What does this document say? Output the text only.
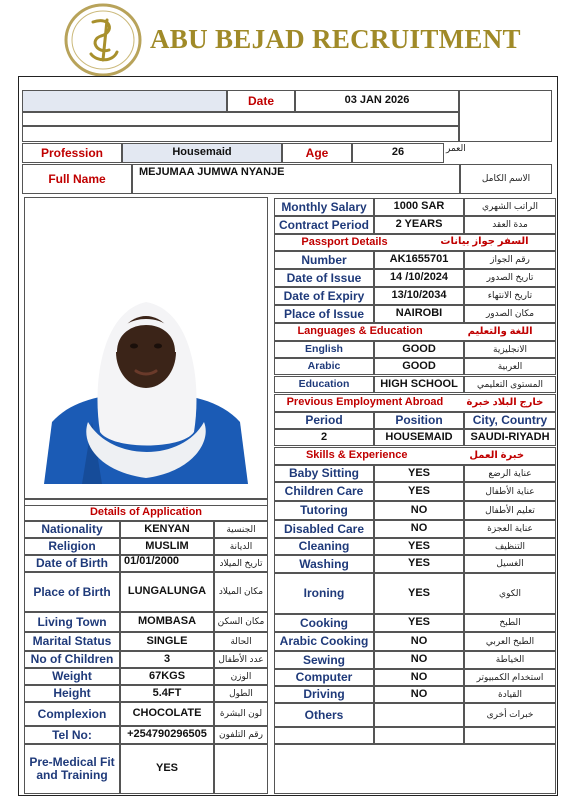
ABU BEJAD RECRUITMENT
Date	03 JAN 2026
Profession	Housemaid	Age	26	العمر
Full Name	MEJUMAA JUMWA NYANJE
الاسم الكامل
Monthly Salary	1000 SAR	الراتب الشهري
Contract Period	2 YEARS	مدة العقد
Passport Details	السفر جواز بيانات
Number	AK1655701	رقم الجواز
Date of Issue	14 /10/2024	تاريخ الصدور
Date of Expiry	13/10/2034	تاريخ الانتهاء
Place of Issue	NAIROBI	مكان الصدور
Languages & Education	اللغة والتعليم
English	GOOD	الانجليزية
Arabic	GOOD	العربية
Education	HIGH SCHOOL	المستوى التعليمي
Previous Employment Abroad خارج البلاد خبرة
Period	Position	City, Country
2	HOUSEMAID	SAUDI-RIYADH
Skills & Experience	خبرة العمل
Baby Sitting	YES	عناية الرضع
Children Care	YES	عناية الأطفال
Tutoring	NO	تعليم الأطفال
Disabled Care	NO	عناية العجزة
Cleaning	YES	التنظيف
Washing	YES	الغسيل
Ironing	YES	الكوي
Cooking	YES	الطبخ
Arabic Cooking	NO	الطبخ العربي
Sewing	NO	الخياطة
Computer	NO	استخدام الكمبيوتر
Driving	NO	القيادة
Others	خبرات أخرى
Details of Application
Nationality	KENYAN	الجنسية
Religion	MUSLIM	الديانة
Date of Birth	01/01/2000	تاريخ الميلاد
Place of Birth	LUNGALUNGA	مكان الميلاد
Living Town	MOMBASA	مكان السكن
Marital Status	SINGLE	الحالة
No of Children	3	عدد الأطفال
Weight	67KGS	الوزن
Height	5.4FT	الطول
Complexion	CHOCOLATE	لون البشرة
Tel No:	+254790296505	رقم التلفون
Pre-Medical Fit and Training	YES
